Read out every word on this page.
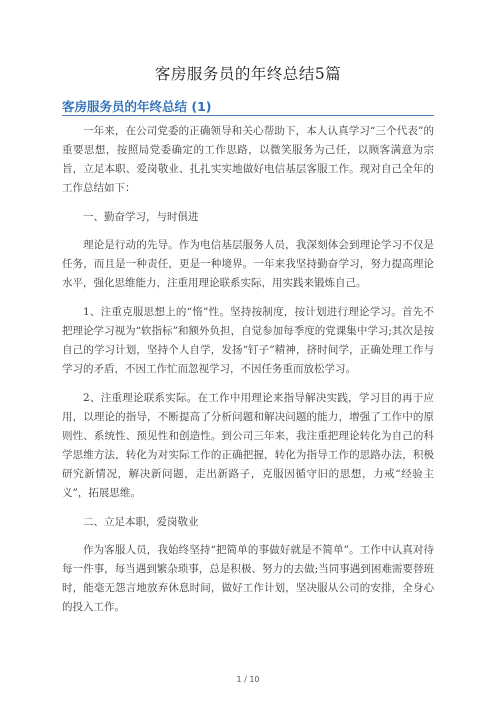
客房服务员的年终总结5篇
客房服务员的年终总结 (1)

一年来，在公司党委的正确领导和关心帮助下，本人认真学习“三个代表”的重要思想，按照局党委确定的工作思路，以微笑服务为己任，以顾客满意为宗旨，立足本职、爱岗敬业、扎扎实实地做好电信基层客服工作。现对自己全年的工作总结如下：

一、勤奋学习，与时俱进

理论是行动的先导。作为电信基层服务人员，我深刻体会到理论学习不仅是任务，而且是一种责任，更是一种境界。一年来我坚持勤奋学习，努力提高理论水平，强化思维能力，注重用理论联系实际，用实践来锻炼自己。

1、注重克服思想上的“惰”性。坚持按制度，按计划进行理论学习。首先不把理论学习视为“软指标”和额外负担，自觉参加每季度的党课集中学习;其次是按自己的学习计划，坚持个人自学，发扬“钉子”精神，挤时间学，正确处理工作与学习的矛盾，不因工作忙而忽视学习，不因任务重而放松学习。

2、注重理论联系实际。在工作中用理论来指导解决实践，学习目的再于应用，以理论的指导，不断提高了分析问题和解决问题的能力，增强了工作中的原则性、系统性、预见性和创造性。到公司三年来，我注重把理论转化为自己的科学思维方法，转化为对实际工作的正确把握，转化为指导工作的思路办法，积极研究新情况，解决新问题，走出新路子，克服因循守旧的思想，力戒“经验主义”，拓展思维。

二、立足本职，爱岗敬业

作为客服人员，我始终坚持“把简单的事做好就是不简单”。工作中认真对待每一件事，每当遇到繁杂琐事，总是积极、努力的去做;当同事遇到困难需要替班时，能毫无怨言地放弃休息时间，做好工作计划，坚决服从公司的安排，全身心的投入工作。

1 / 10
